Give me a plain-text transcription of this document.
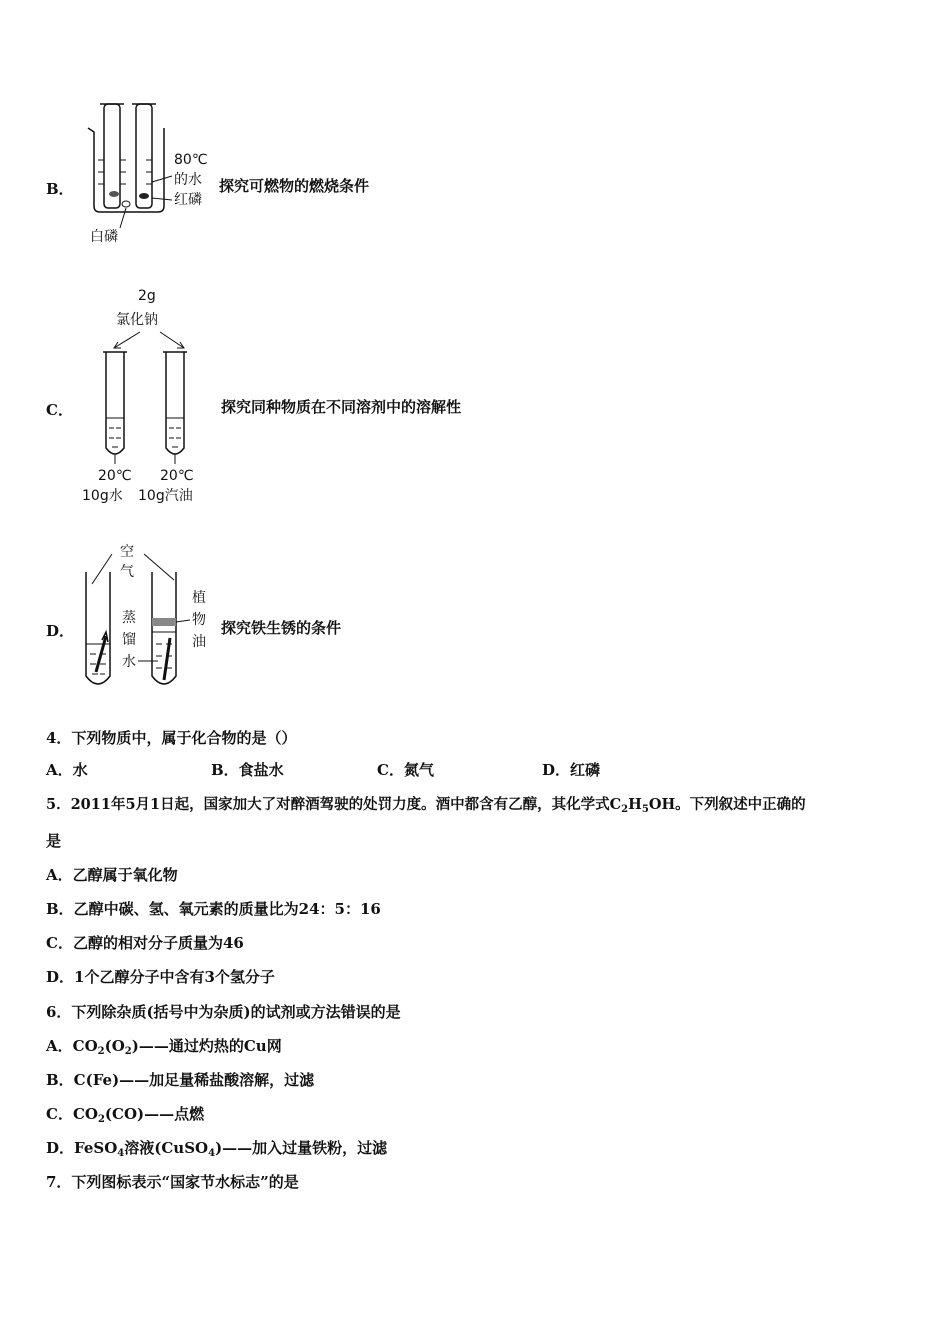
B．
80℃
的水
红磷
白磷
探究可燃物的燃烧条件
C．
2g
氯化钠
20℃
10g水
20℃
10g汽油
探究同种物质在不同溶剂中的溶解性
D．
空
气
蒸
馏
水
植
物
油
探究铁生锈的条件
4．下列物质中，属于化合物的是（）
A．水	B．食盐水	C．氮气	D．红磷
5．2011年5月1日起，国家加大了对醉酒驾驶的处罚力度。酒中都含有乙醇，其化学式$C_2H_5OH$。下列叙述中正确的
是
A．乙醇属于氧化物
B．乙醇中碳、氢、氧元素的质量比为24：5：16
C．乙醇的相对分子质量为46
D．1个乙醇分子中含有3个氢分子
6．下列除杂质(括号中为杂质)的试剂或方法错误的是
A．$CO_2(O_2)——$通过灼热的Cu网
B．C(Fe)——加足量稀盐酸溶解，过滤
C．$CO_2(CO)——$点燃
D．FeSO$_4$溶液(CuSO$_4$)——加入过量铁粉，过滤
7．下列图标表示“国家节水标志”的是
